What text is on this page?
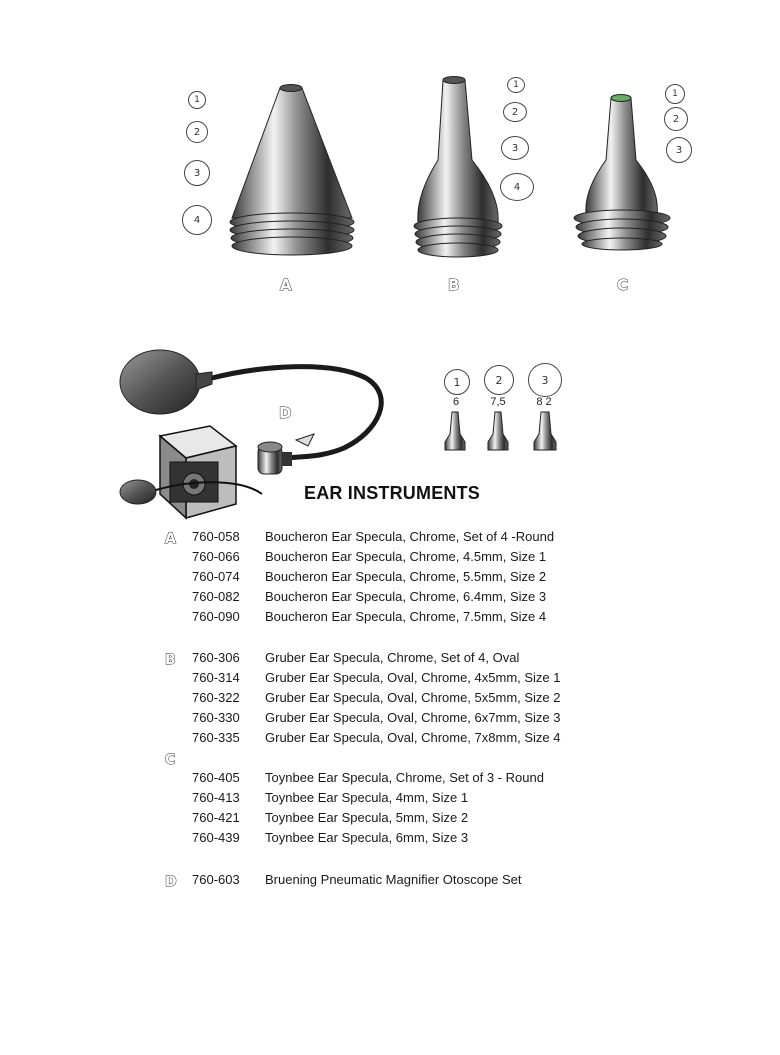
1
2
3
4
1
2
3
4
1
2
3
A	B	C
D
1	2	3
6	7,5	8 2
EAR INSTRUMENTS
A
B
C
D
760-058	Boucheron Ear Specula, Chrome, Set of 4 -Round
760-066	Boucheron Ear Specula, Chrome, 4.5mm, Size 1
760-074	Boucheron Ear Specula, Chrome, 5.5mm, Size 2
760-082	Boucheron Ear Specula, Chrome, 6.4mm, Size 3
760-090	Boucheron Ear Specula, Chrome, 7.5mm, Size 4
760-306	Gruber Ear Specula, Chrome, Set of 4, Oval
760-314	Gruber Ear Specula, Oval, Chrome, 4x5mm, Size 1
760-322	Gruber Ear Specula, Oval, Chrome, 5x5mm, Size 2
760-330	Gruber Ear Specula, Oval, Chrome, 6x7mm, Size 3
760-335	Gruber Ear Specula, Oval, Chrome, 7x8mm, Size 4
760-405	Toynbee Ear Specula, Chrome, Set of 3 - Round
760-413	Toynbee Ear Specula, 4mm, Size 1
760-421	Toynbee Ear Specula, 5mm, Size 2
760-439	Toynbee Ear Specula, 6mm, Size 3
760-603	Bruening Pneumatic Magnifier Otoscope Set
